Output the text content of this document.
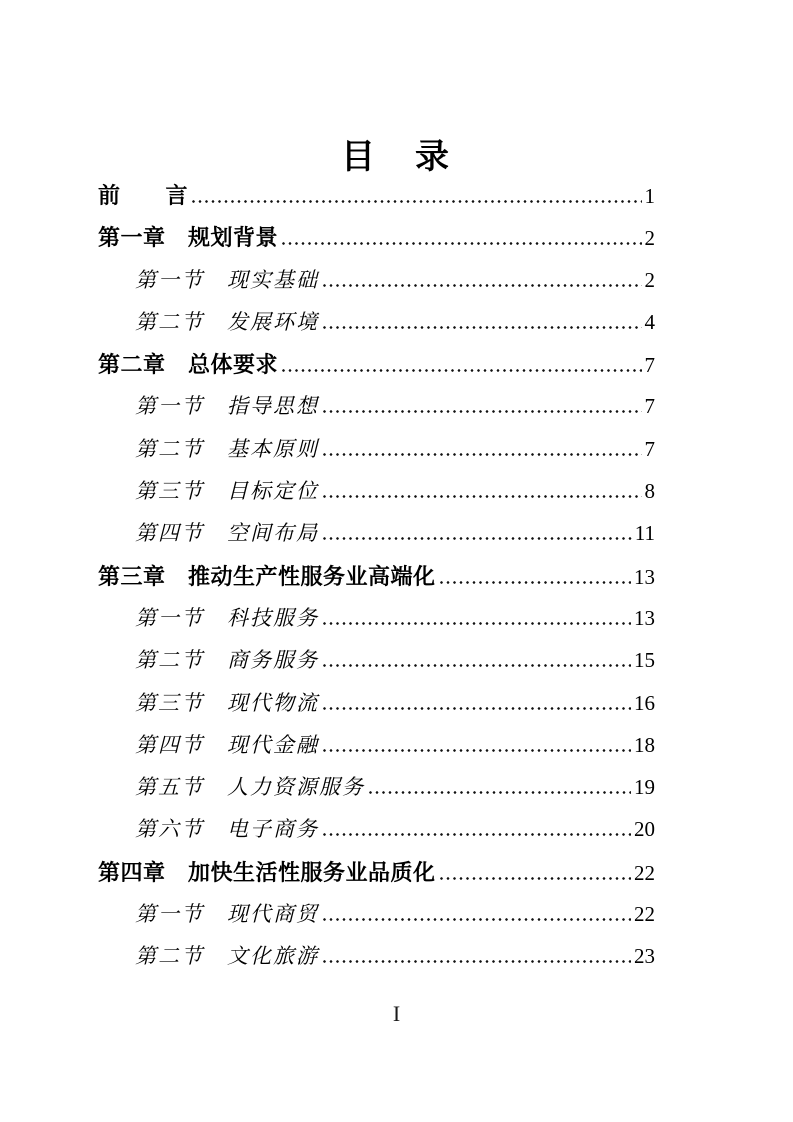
目　录
前　　言	1
第一章　规划背景	2
第一节　现实基础	2
第二节　发展环境	4
第二章　总体要求	7
第一节　指导思想	7
第二节　基本原则	7
第三节　目标定位	8
第四节　空间布局	11
第三章　推动生产性服务业高端化	13
第一节　科技服务	13
第二节　商务服务	15
第三节　现代物流	16
第四节　现代金融	18
第五节　人力资源服务	19
第六节　电子商务	20
第四章　加快生活性服务业品质化	22
第一节　现代商贸	22
第二节　文化旅游	23
I
